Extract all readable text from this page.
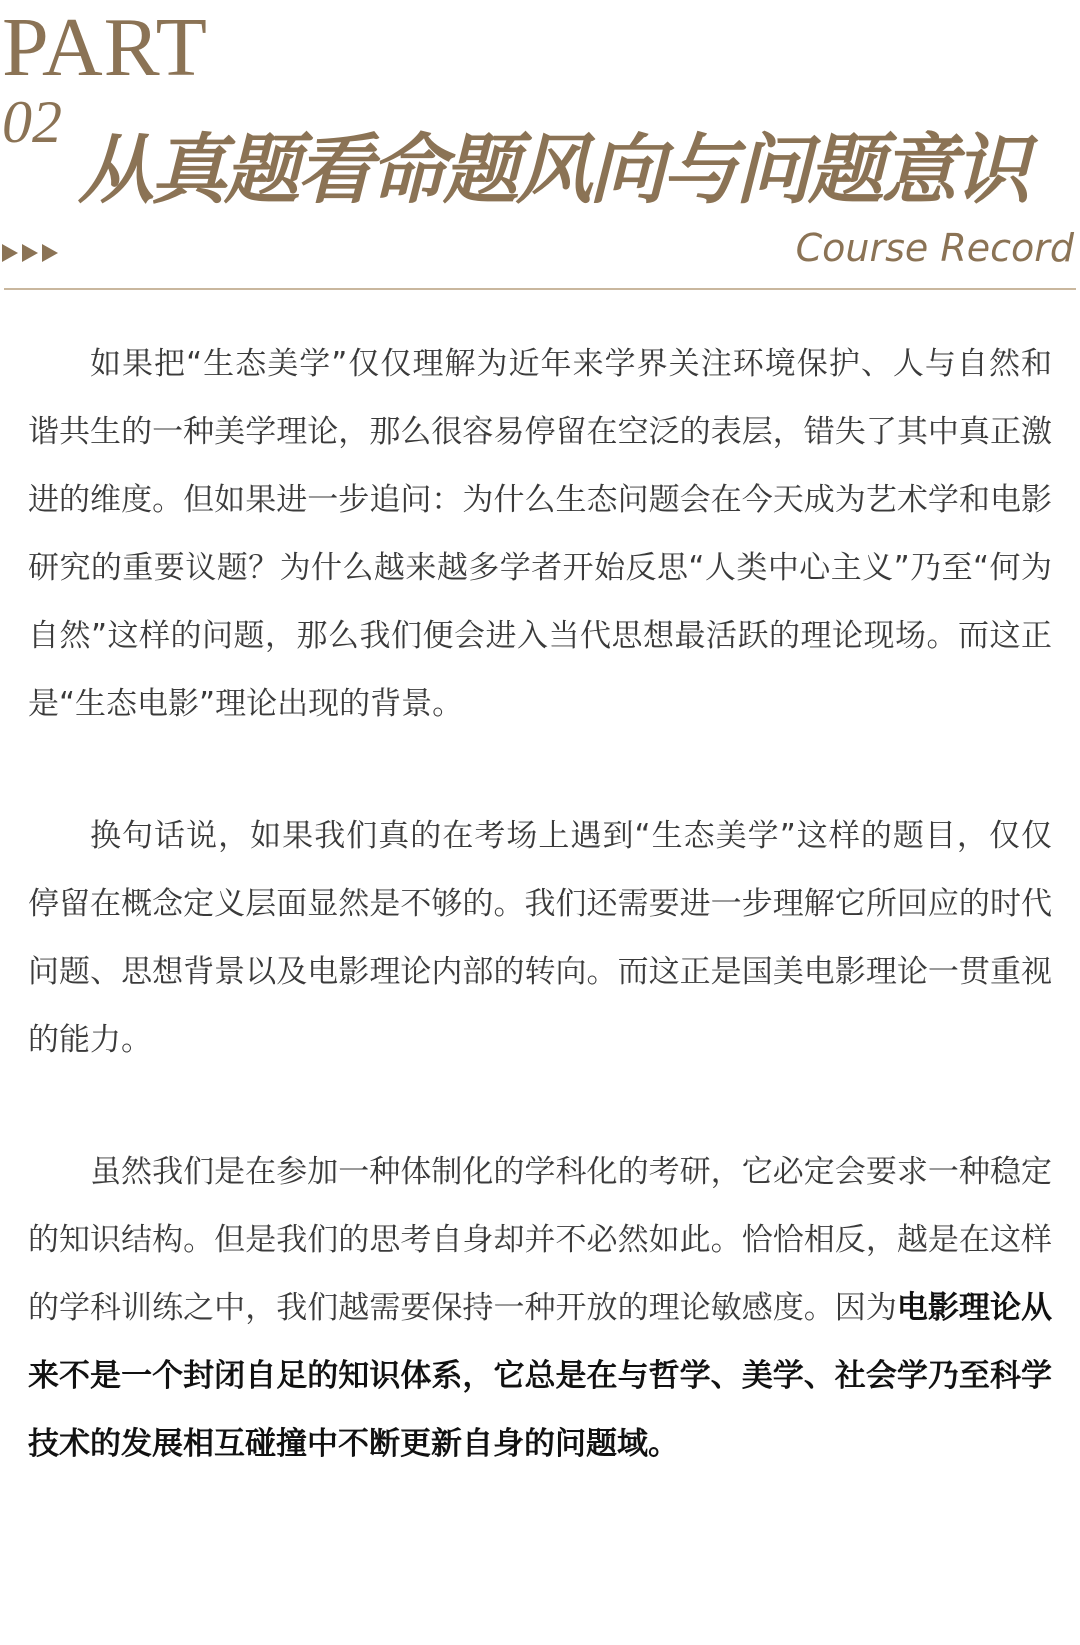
PART
02
从真题看命题风向与问题意识
Course Record

如果把“生态美学”仅仅理解为近年来学界关注环境保护、人与自然和谐共生的一种美学理论，那么很容易停留在空泛的表层，错失了其中真正激进的维度。但如果进一步追问：为什么生态问题会在今天成为艺术学和电影研究的重要议题？为什么越来越多学者开始反思“人类中心主义”乃至“何为自然”这样的问题，那么我们便会进入当代思想最活跃的理论现场。而这正是“生态电影”理论出现的背景。

换句话说，如果我们真的在考场上遇到“生态美学”这样的题目，仅仅停留在概念定义层面显然是不够的。我们还需要进一步理解它所回应的时代问题、思想背景以及电影理论内部的转向。而这正是国美电影理论一贯重视的能力。

虽然我们是在参加一种体制化的学科化的考研，它必定会要求一种稳定的知识结构。但是我们的思考自身却并不必然如此。恰恰相反，越是在这样的学科训练之中，我们越需要保持一种开放的理论敏感度。因为电影理论从来不是一个封闭自足的知识体系，它总是在与哲学、美学、社会学乃至科学技术的发展相互碰撞中不断更新自身的问题域。
